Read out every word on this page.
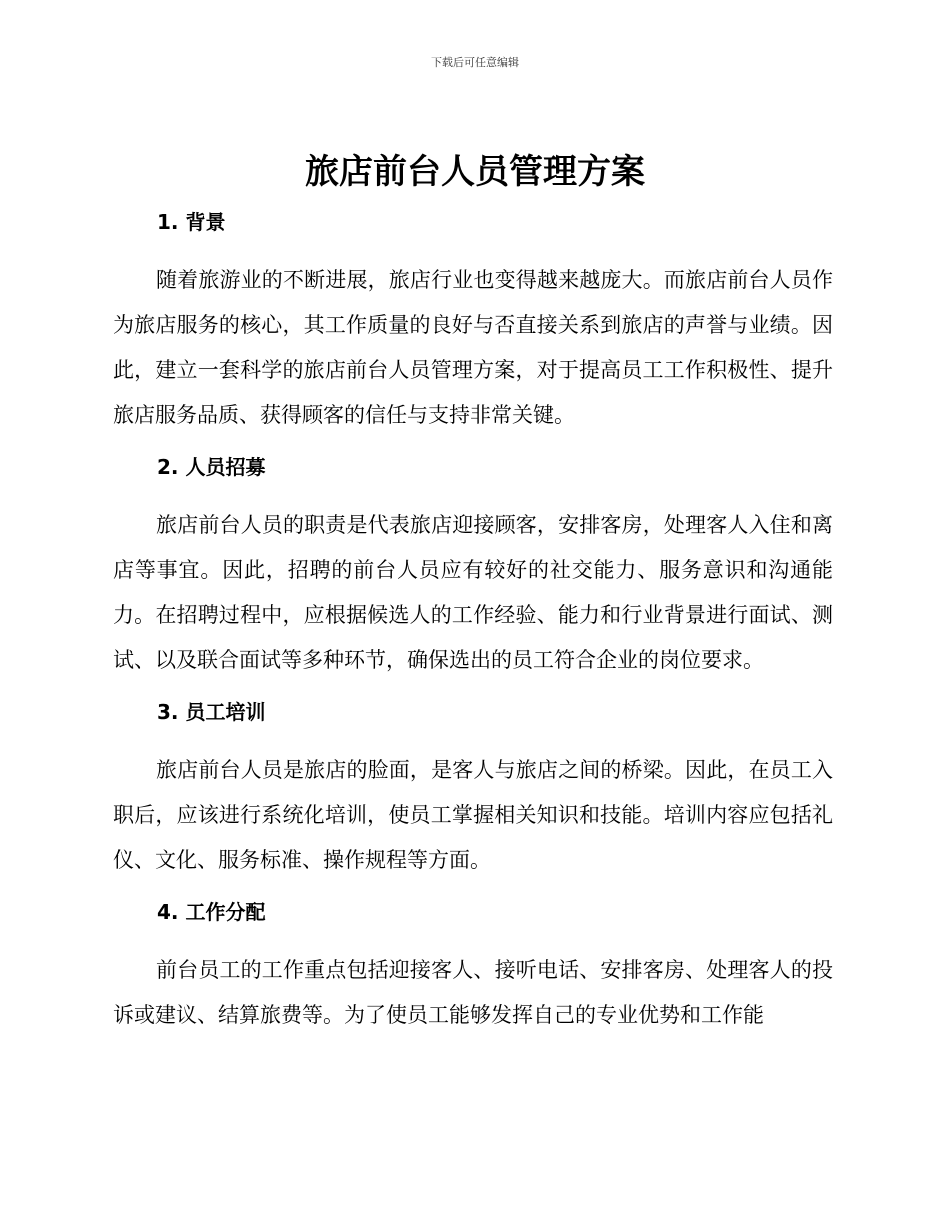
下载后可任意编辑
旅店前台人员管理方案
1. 背景

随着旅游业的不断进展，旅店行业也变得越来越庞大。而旅店前台人员作为旅店服务的核心，其工作质量的良好与否直接关系到旅店的声誉与业绩。因此，建立一套科学的旅店前台人员管理方案，对于提高员工工作积极性、提升旅店服务品质、获得顾客的信任与支持非常关键。

2. 人员招募

旅店前台人员的职责是代表旅店迎接顾客，安排客房，处理客人入住和离店等事宜。因此，招聘的前台人员应有较好的社交能力、服务意识和沟通能力。在招聘过程中，应根据候选人的工作经验、能力和行业背景进行面试、测试、以及联合面试等多种环节，确保选出的员工符合企业的岗位要求。

3. 员工培训

旅店前台人员是旅店的脸面，是客人与旅店之间的桥梁。因此，在员工入职后，应该进行系统化培训，使员工掌握相关知识和技能。培训内容应包括礼仪、文化、服务标准、操作规程等方面。

4. 工作分配

前台员工的工作重点包括迎接客人、接听电话、安排客房、处理客人的投诉或建议、结算旅费等。为了使员工能够发挥自己的专业优势和工作能
